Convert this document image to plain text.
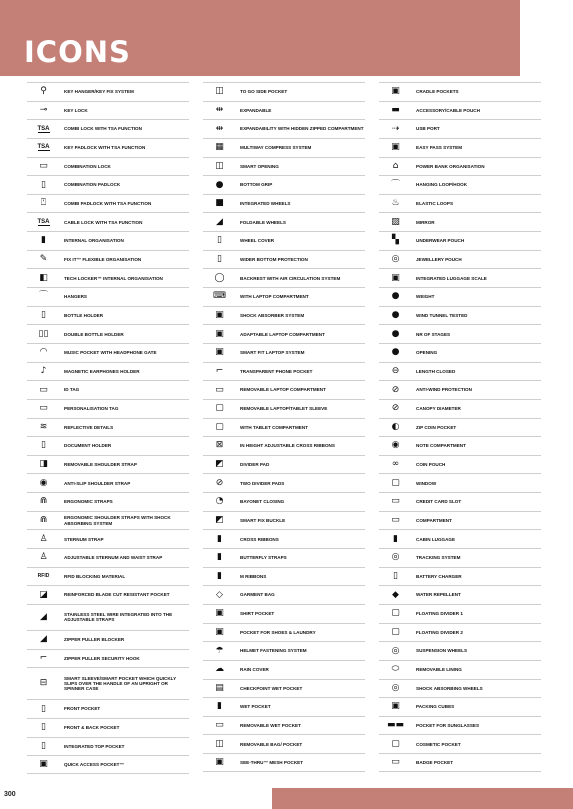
ICONS
⚲	KEY HANGER/KEY FIX SYSTEM
⊸	KEY LOCK
TSA	COMBI LOCK WITH TSA FUNCTION
TSA	KEY PADLOCK WITH TSA FUNCTION
▭	COMBINATION LOCK
▯	COMBINATION PADLOCK
⍞	COMBI PADLOCK WITH TSA FUNCTION
TSA	CABLE LOCK WITH TSA FUNCTION
▮	INTERNAL ORGANISATION
✎	FIX IT™ FLEXIBLE ORGANISATION
◧	TECH LOCKER™ INTERNAL ORGANISATION
⌒	HANGERS
▯	BOTTLE HOLDER
▯▯	DOUBLE BOTTLE HOLDER
◠	MUSIC POCKET WITH HEADPHONE GATE
♪	MAGNETIC EARPHONES HOLDER
▭	ID TAG
▭	PERSONALISATION TAG
≋	REFLECTIVE DETAILS
▯	DOCUMENT HOLDER
◨	REMOVABLE SHOULDER STRAP
◉	ANTI-SLIP SHOULDER STRAP
⋒	ERGONOMIC STRAPS
⋒	ERGONOMIC SHOULDER STRAPS WITH SHOCK ABSORBING SYSTEM
♙	STERNUM STRAP
♙	ADJUSTABLE STERNUM AND WAIST STRAP
RFID	RFID BLOCKING MATERIAL
◪	REINFORCED BLADE CUT RESISTANT POCKET
◢	STAINLESS STEEL WIRE INTEGRATED INTO THE ADJUSTABLE STRAPS
◢	ZIPPER PULLER BLOCKER
⌐	ZIPPER PULLER SECURITY HOOK
⊟	SMART SLEEVE/SMART POCKET WHICH QUICKLY SLIPS OVER THE HANDLE OF AN UPRIGHT OR SPINNER CASE
▯	FRONT POCKET
▯	FRONT & BACK POCKET
▯	INTEGRATED TOP POCKET
▣	QUICK ACCESS POCKET™
◫	TO GO SIDE POCKET
⇹	EXPANDABLE
⇹	EXPANDABILITY WITH HIDDEN ZIPPED COMPARTMENT
▦	MULTIWAY COMPRESS SYSTEM
◫	SMART OPENING
●	BOTTOM GRIP
■	INTEGRATED WHEELS
◢	FOLDABLE WHEELS
▯	WHEEL COVER
▯	WIDER BOTTOM PROTECTION
◯	BACKREST WITH AIR CIRCULATION SYSTEM
⌨	WITH LAPTOP COMPARTMENT
▣	SHOCK ABSORBER SYSTEM
▣	ADAPTABLE LAPTOP COMPARTMENT
▣	SMART FIT LAPTOP SYSTEM
⌐	TRANSPARENT PHONE POCKET
▭	REMOVABLE LAPTOP COMPARTMENT
▢	REMOVABLE LAPTOP/TABLET SLEEVE
▢	WITH TABLET COMPARTMENT
⊠	IN HEIGHT ADJUSTABLE CROSS RIBBONS
◩	DIVIDER PAD
⊘	TWO DIVIDER PADS
◔	BAYONET CLOSING
◩	SMART FIX BUCKLE
▮	CROSS RIBBONS
▮	BUTTERFLY STRAPS
▮	M RIBBONS
◇	GARMENT BAG
▣	SHIRT POCKET
▣	POCKET FOR SHOES & LAUNDRY
☂	HELMET FASTENING SYSTEM
☁	RAIN COVER
▤	CHECKPOINT WET POCKET
▮	WET POCKET
▭	REMOVABLE WET POCKET
◫	REMOVABLE BAG/ POCKET
▣	SEE-THRU™ MESH POCKET
▣	CRADLE POCKETS
▬	ACCESSORY/CABLE POUCH
⇢	USB PORT
▣	EASY PASS SYSTEM
⌂	POWER BANK ORGANISATION
⌒	HANGING LOOP/HOOK
♨	ELASTIC LOOPS
▨	MIRROR
▚	UNDERWEAR POUCH
◎	JEWELLERY POUCH
▣	INTEGRATED LUGGAGE SCALE
●	WEIGHT
●	WIND TUNNEL TESTED
●	NR OF STAGES
●	OPENING
⊖	LENGTH CLOSED
⊘	ANTI-WIND PROTECTION
⊘	CANOPY DIAMETER
◐	ZIP COIN POCKET
◉	NOTE COMPARTMENT
∞	COIN POUCH
▢	WINDOW
▭	CREDIT CARD SLOT
▭	COMPARTMENT
▮	CABIN LUGGAGE
◎	TRACKING SYSTEM
▯	BATTERY CHARGER
◆	WATER REPELLENT
▢	FLOATING DIVIDER 1
▢	FLOATING DIVIDER 2
◎	SUSPENSION WHEELS
⬭	REMOVABLE LINING
◎	SHOCK ABSORBING WHEELS
▣	PACKING CUBES
▬▬	POCKET FOR SUNGLASSES
▢	COSMETIC POCKET
▭	BADGE POCKET
300
